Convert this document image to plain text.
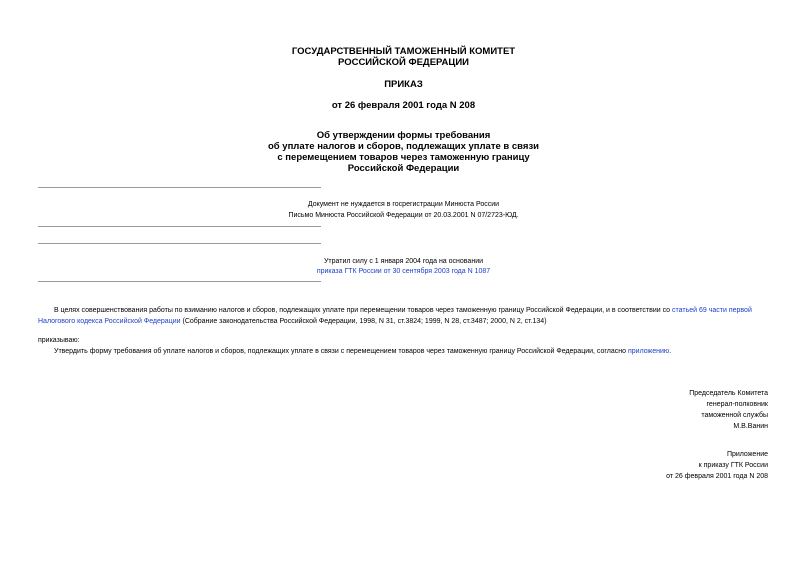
ГОСУДАРСТВЕННЫЙ ТАМОЖЕННЫЙ КОМИТЕТ
РОССИЙСКОЙ ФЕДЕРАЦИИ
ПРИКАЗ
от 26 февраля 2001 года N 208
Об утверждении формы требования
об уплате налогов и сборов, подлежащих уплате в связи
с перемещением товаров через таможенную границу
Российской Федерации
Документ не нуждается в госрегистрации Минюста России
Письмо Минюста Российской Федерации от 20.03.2001 N 07/2723-ЮД.
Утратил силу с 1 января 2004 года на основании
приказа ГТК России от 30 сентября 2003 года N 1087
В целях совершенствования работы по взиманию налогов и сборов, подлежащих уплате при перемещении товаров через таможенную границу Российской Федерации, и в соответствии со статьей 69 части первой Налогового кодекса Российской Федерации (Собрание законодательства Российской Федерации, 1998, N 31, ст.3824; 1999, N 28, ст.3487; 2000, N 2, ст.134)
приказываю:
Утвердить форму требования об уплате налогов и сборов, подлежащих уплате в связи с перемещением товаров через таможенную границу Российской Федерации, согласно приложению.
Председатель Комитета
генерал-полковник
таможенной службы
М.В.Ванин
Приложение
к приказу ГТК России
от 26 февраля 2001 года N 208
